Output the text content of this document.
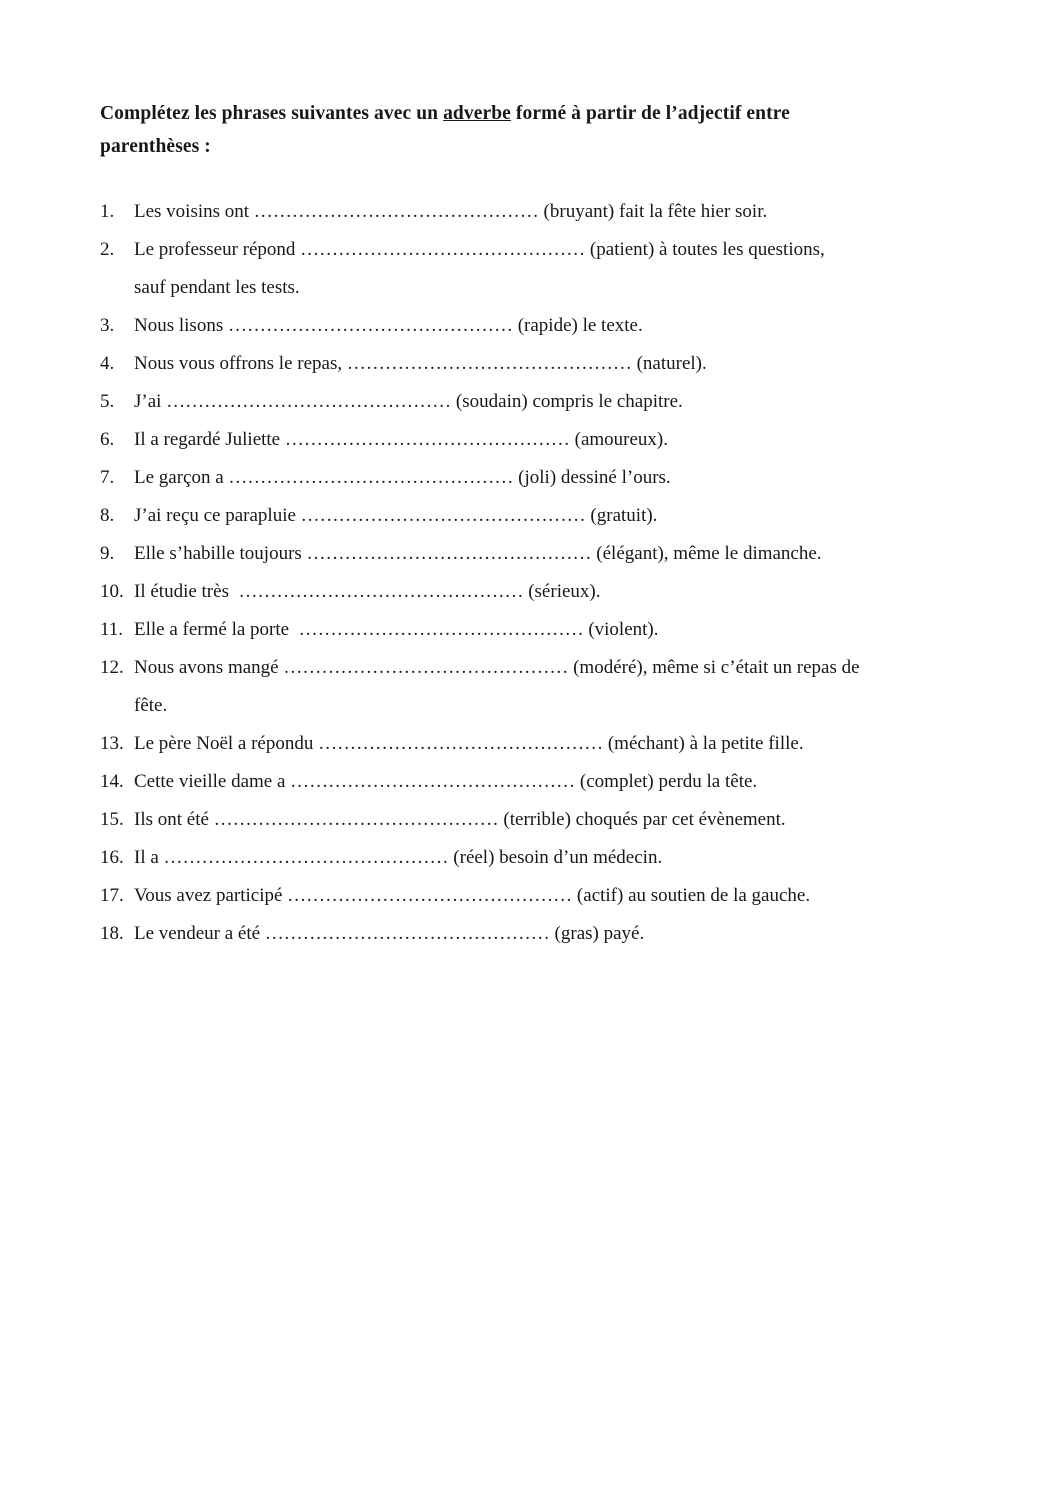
Complétez les phrases suivantes avec un adverbe formé à partir de l’adjectif entre
parenthèses :
1.	Les voisins ont ……………………………………… (bruyant) fait la fête hier soir.
2.	Le professeur répond ……………………………………… (patient) à toutes les questions,
sauf pendant les tests.
3.	Nous lisons ……………………………………… (rapide) le texte.
4.	Nous vous offrons le repas, ……………………………………… (naturel).
5.	J’ai ……………………………………… (soudain) compris le chapitre.
6.	Il a regardé Juliette ……………………………………… (amoureux).
7.	Le garçon a ……………………………………… (joli) dessiné l’ours.
8.	J’ai reçu ce parapluie ……………………………………… (gratuit).
9.	Elle s’habille toujours ……………………………………… (élégant), même le dimanche.
10. Il étudie très  ……………………………………… (sérieux).
11. Elle a fermé la porte  ……………………………………… (violent).
12. Nous avons mangé ……………………………………… (modéré), même si c’était un repas de
fête.
13. Le père Noël a répondu ……………………………………… (méchant) à la petite fille.
14. Cette vieille dame a ……………………………………… (complet) perdu la tête.
15. Ils ont été ……………………………………… (terrible) choqués par cet évènement.
16. Il a ……………………………………… (réel) besoin d’un médecin.
17. Vous avez participé ……………………………………… (actif) au soutien de la gauche.
18. Le vendeur a été ……………………………………… (gras) payé.
